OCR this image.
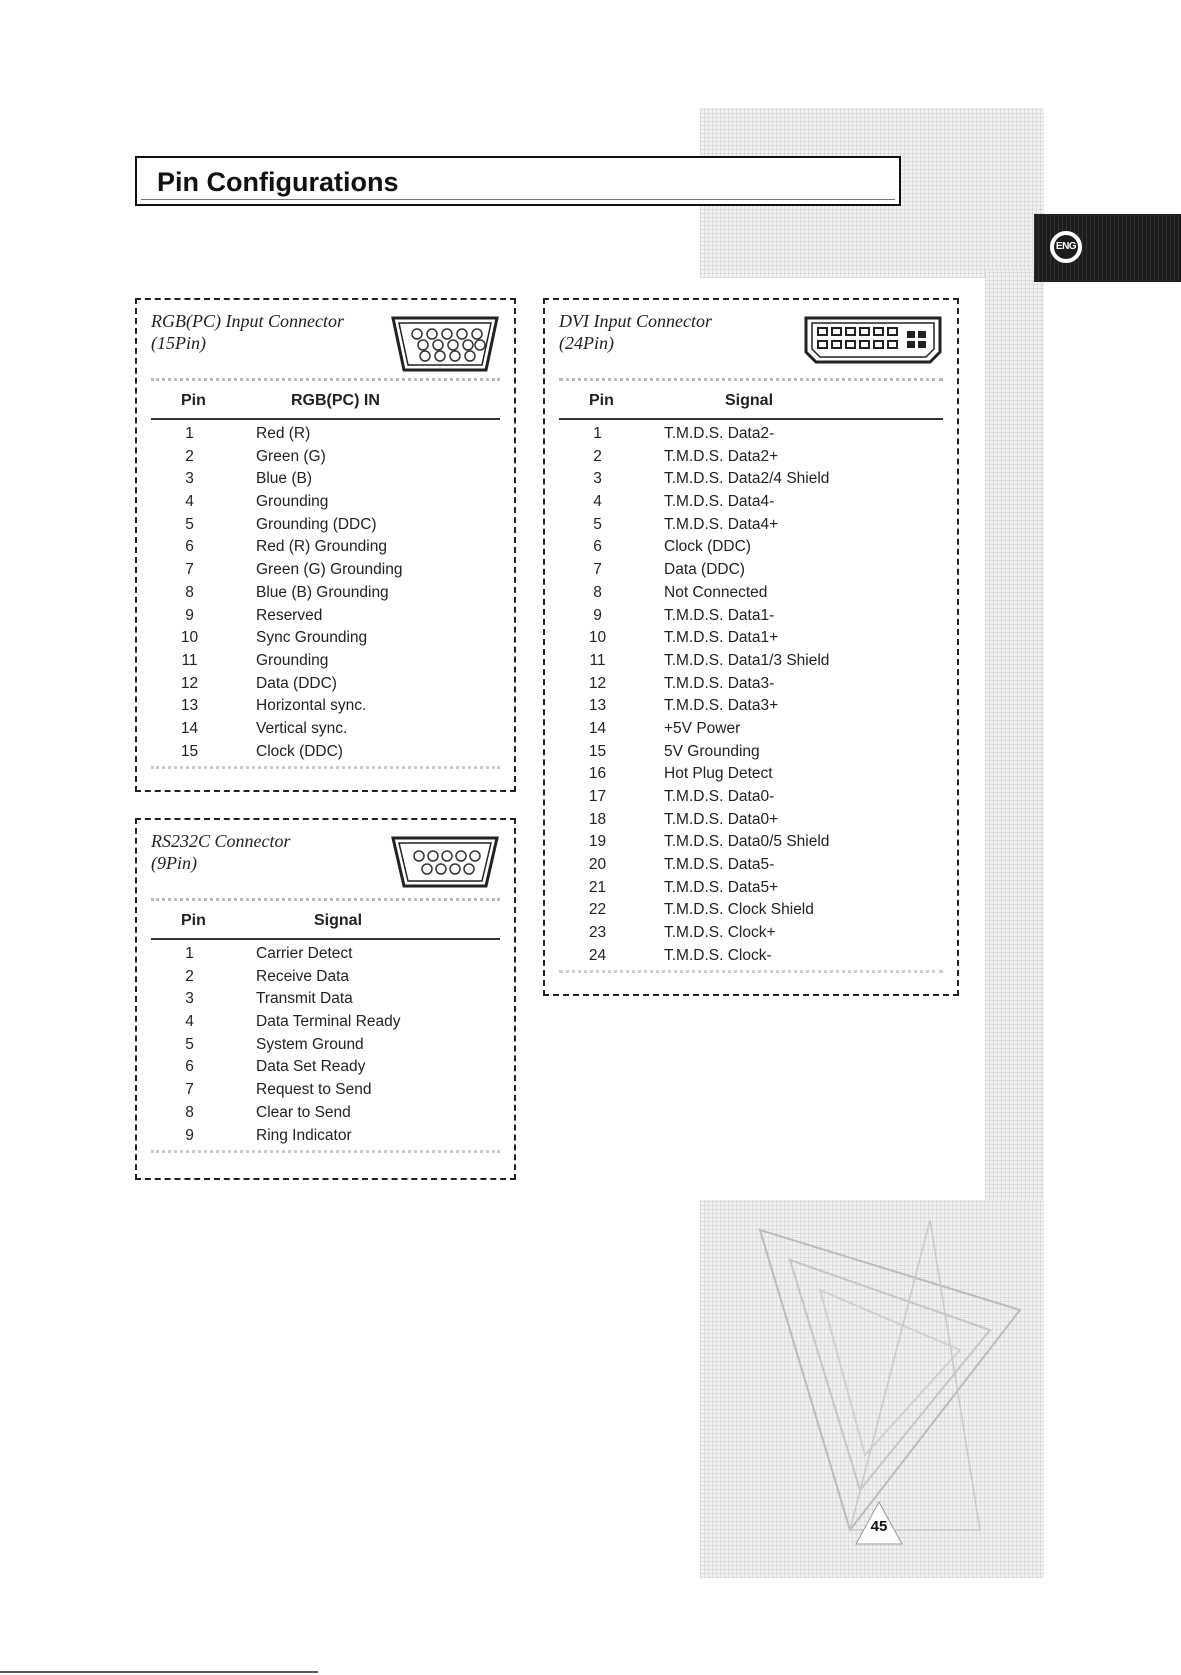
Pin Configurations
ENG

RGB(PC) Input Connector

(15Pin)

Pin	RGB(PC) IN
1	Red (R)
2	Green (G)
3	Blue (B)
4	Grounding
5	Grounding (DDC)
6	Red (R) Grounding
7	Green (G) Grounding
8	Blue (B) Grounding
9	Reserved
10	Sync Grounding
11	Grounding
12	Data (DDC)
13	Horizontal sync.
14	Vertical sync.
15	Clock (DDC)

RS232C Connector

(9Pin)

Pin	Signal
1	Carrier Detect
2	Receive Data
3	Transmit Data
4	Data Terminal Ready
5	System Ground
6	Data Set Ready
7	Request to Send
8	Clear to Send
9	Ring Indicator

DVI Input Connector

(24Pin)

Pin	Signal
1	T.M.D.S. Data2-
2	T.M.D.S. Data2+
3	T.M.D.S. Data2/4 Shield
4	T.M.D.S. Data4-
5	T.M.D.S. Data4+
6	Clock (DDC)
7	Data (DDC)
8	Not Connected
9	T.M.D.S. Data1-
10	T.M.D.S. Data1+
11	T.M.D.S. Data1/3 Shield
12	T.M.D.S. Data3-
13	T.M.D.S. Data3+
14	+5V Power
15	5V Grounding
16	Hot Plug Detect
17	T.M.D.S. Data0-
18	T.M.D.S. Data0+
19	T.M.D.S. Data0/5 Shield
20	T.M.D.S. Data5-
21	T.M.D.S. Data5+
22	T.M.D.S. Clock Shield
23	T.M.D.S. Clock+
24	T.M.D.S. Clock-
45
